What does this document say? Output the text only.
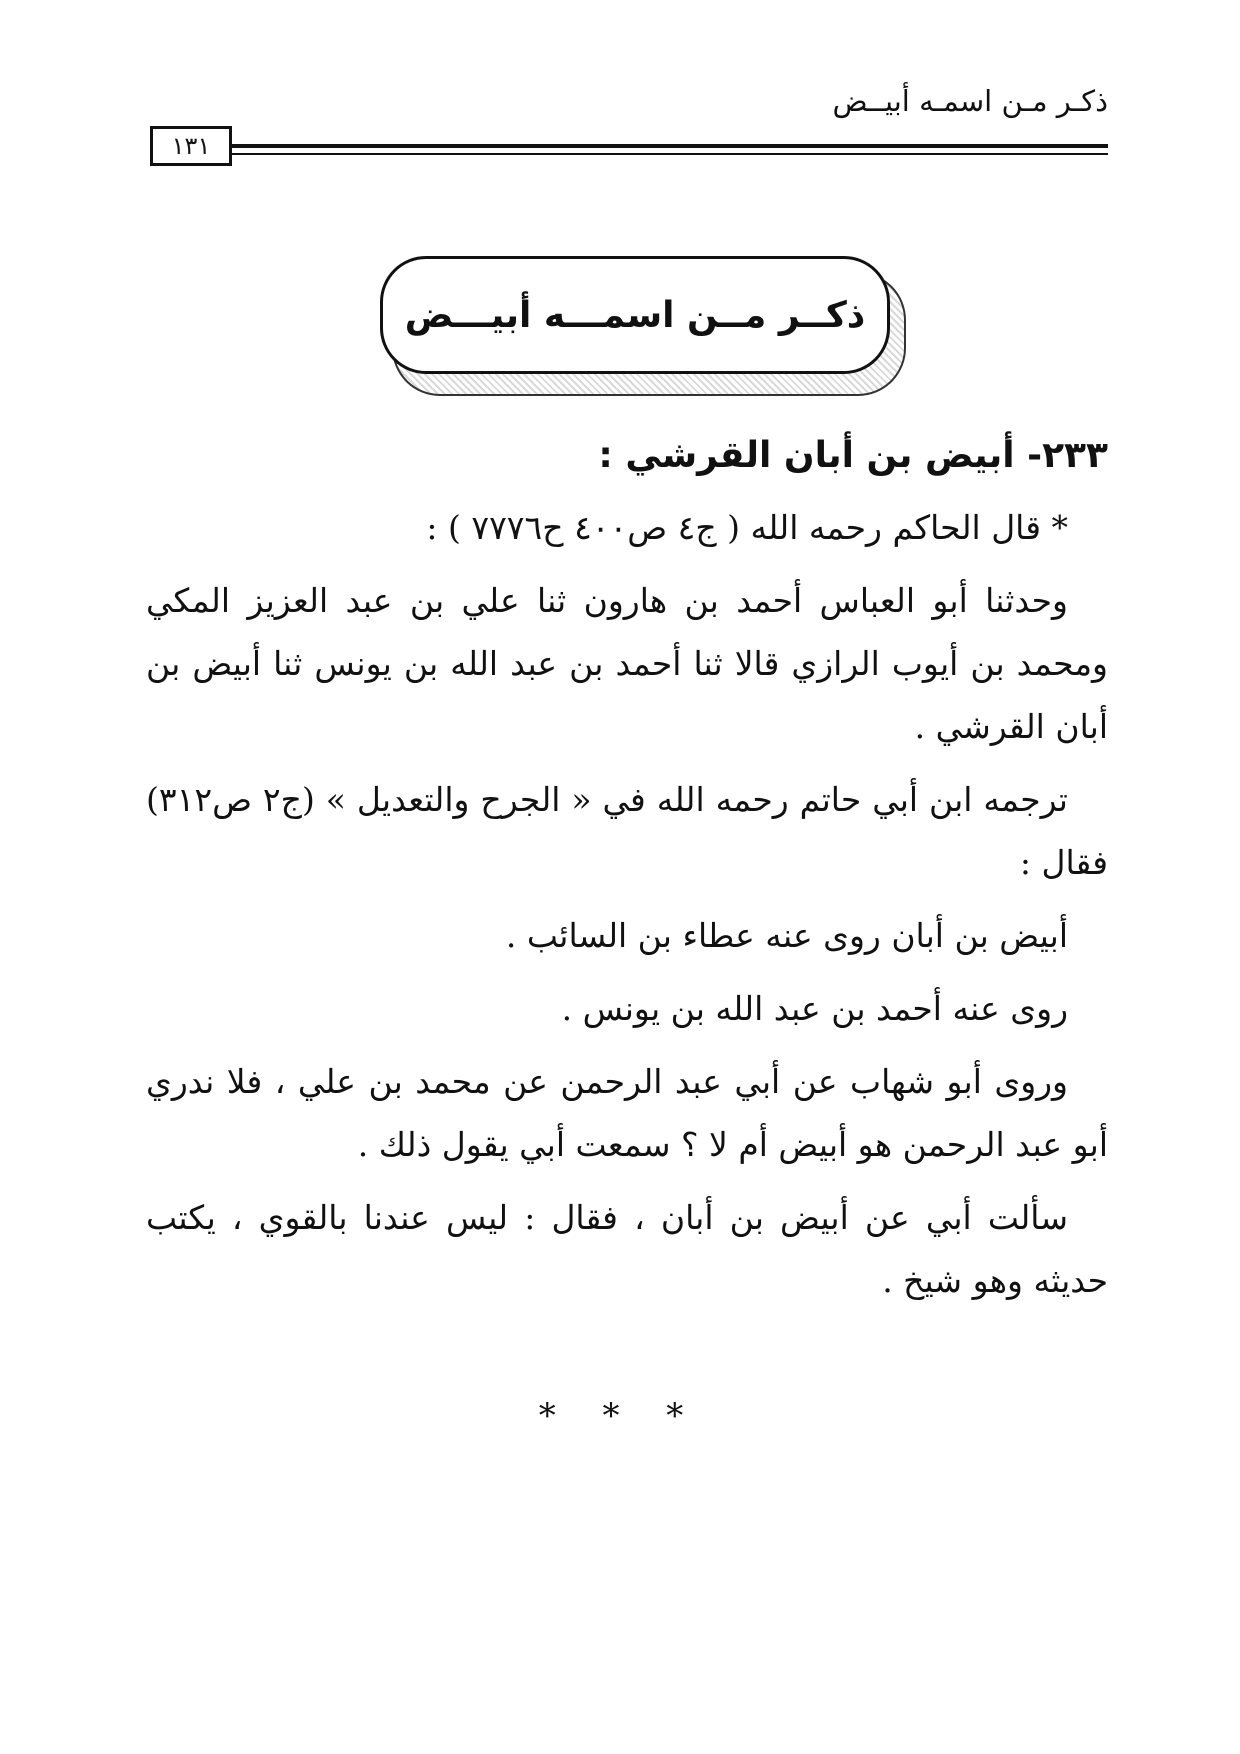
ذكـر مـن اسمـه أبيــض
١٣١
ذكــر مــن اسمـــه أبيـــض
٢٣٣- أبيض بن أبان القرشي :

* قال الحاكم رحمه الله ( ج٤ ص٤٠٠ ح٧٧٧٦ ) :

وحدثنا أبو العباس أحمد بن هارون ثنا علي بن عبد العزيز المكي ومحمد بن أيوب الرازي قالا ثنا أحمد بن عبد الله بن يونس ثنا أبيض بن أبان القرشي .

ترجمه ابن أبي حاتم رحمه الله في « الجرح والتعديل » (ج٢ ص٣١٢) فقال :

أبيض بن أبان روى عنه عطاء بن السائب .

روى عنه أحمد بن عبد الله بن يونس .

وروى أبو شهاب عن أبي عبد الرحمن عن محمد بن علي ، فلا ندري أبو عبد الرحمن هو أبيض أم لا ؟ سمعت أبي يقول ذلك .

سألت أبي عن أبيض بن أبان ، فقال : ليس عندنا بالقوي ، يكتب حديثه وهو شيخ .

* * *
